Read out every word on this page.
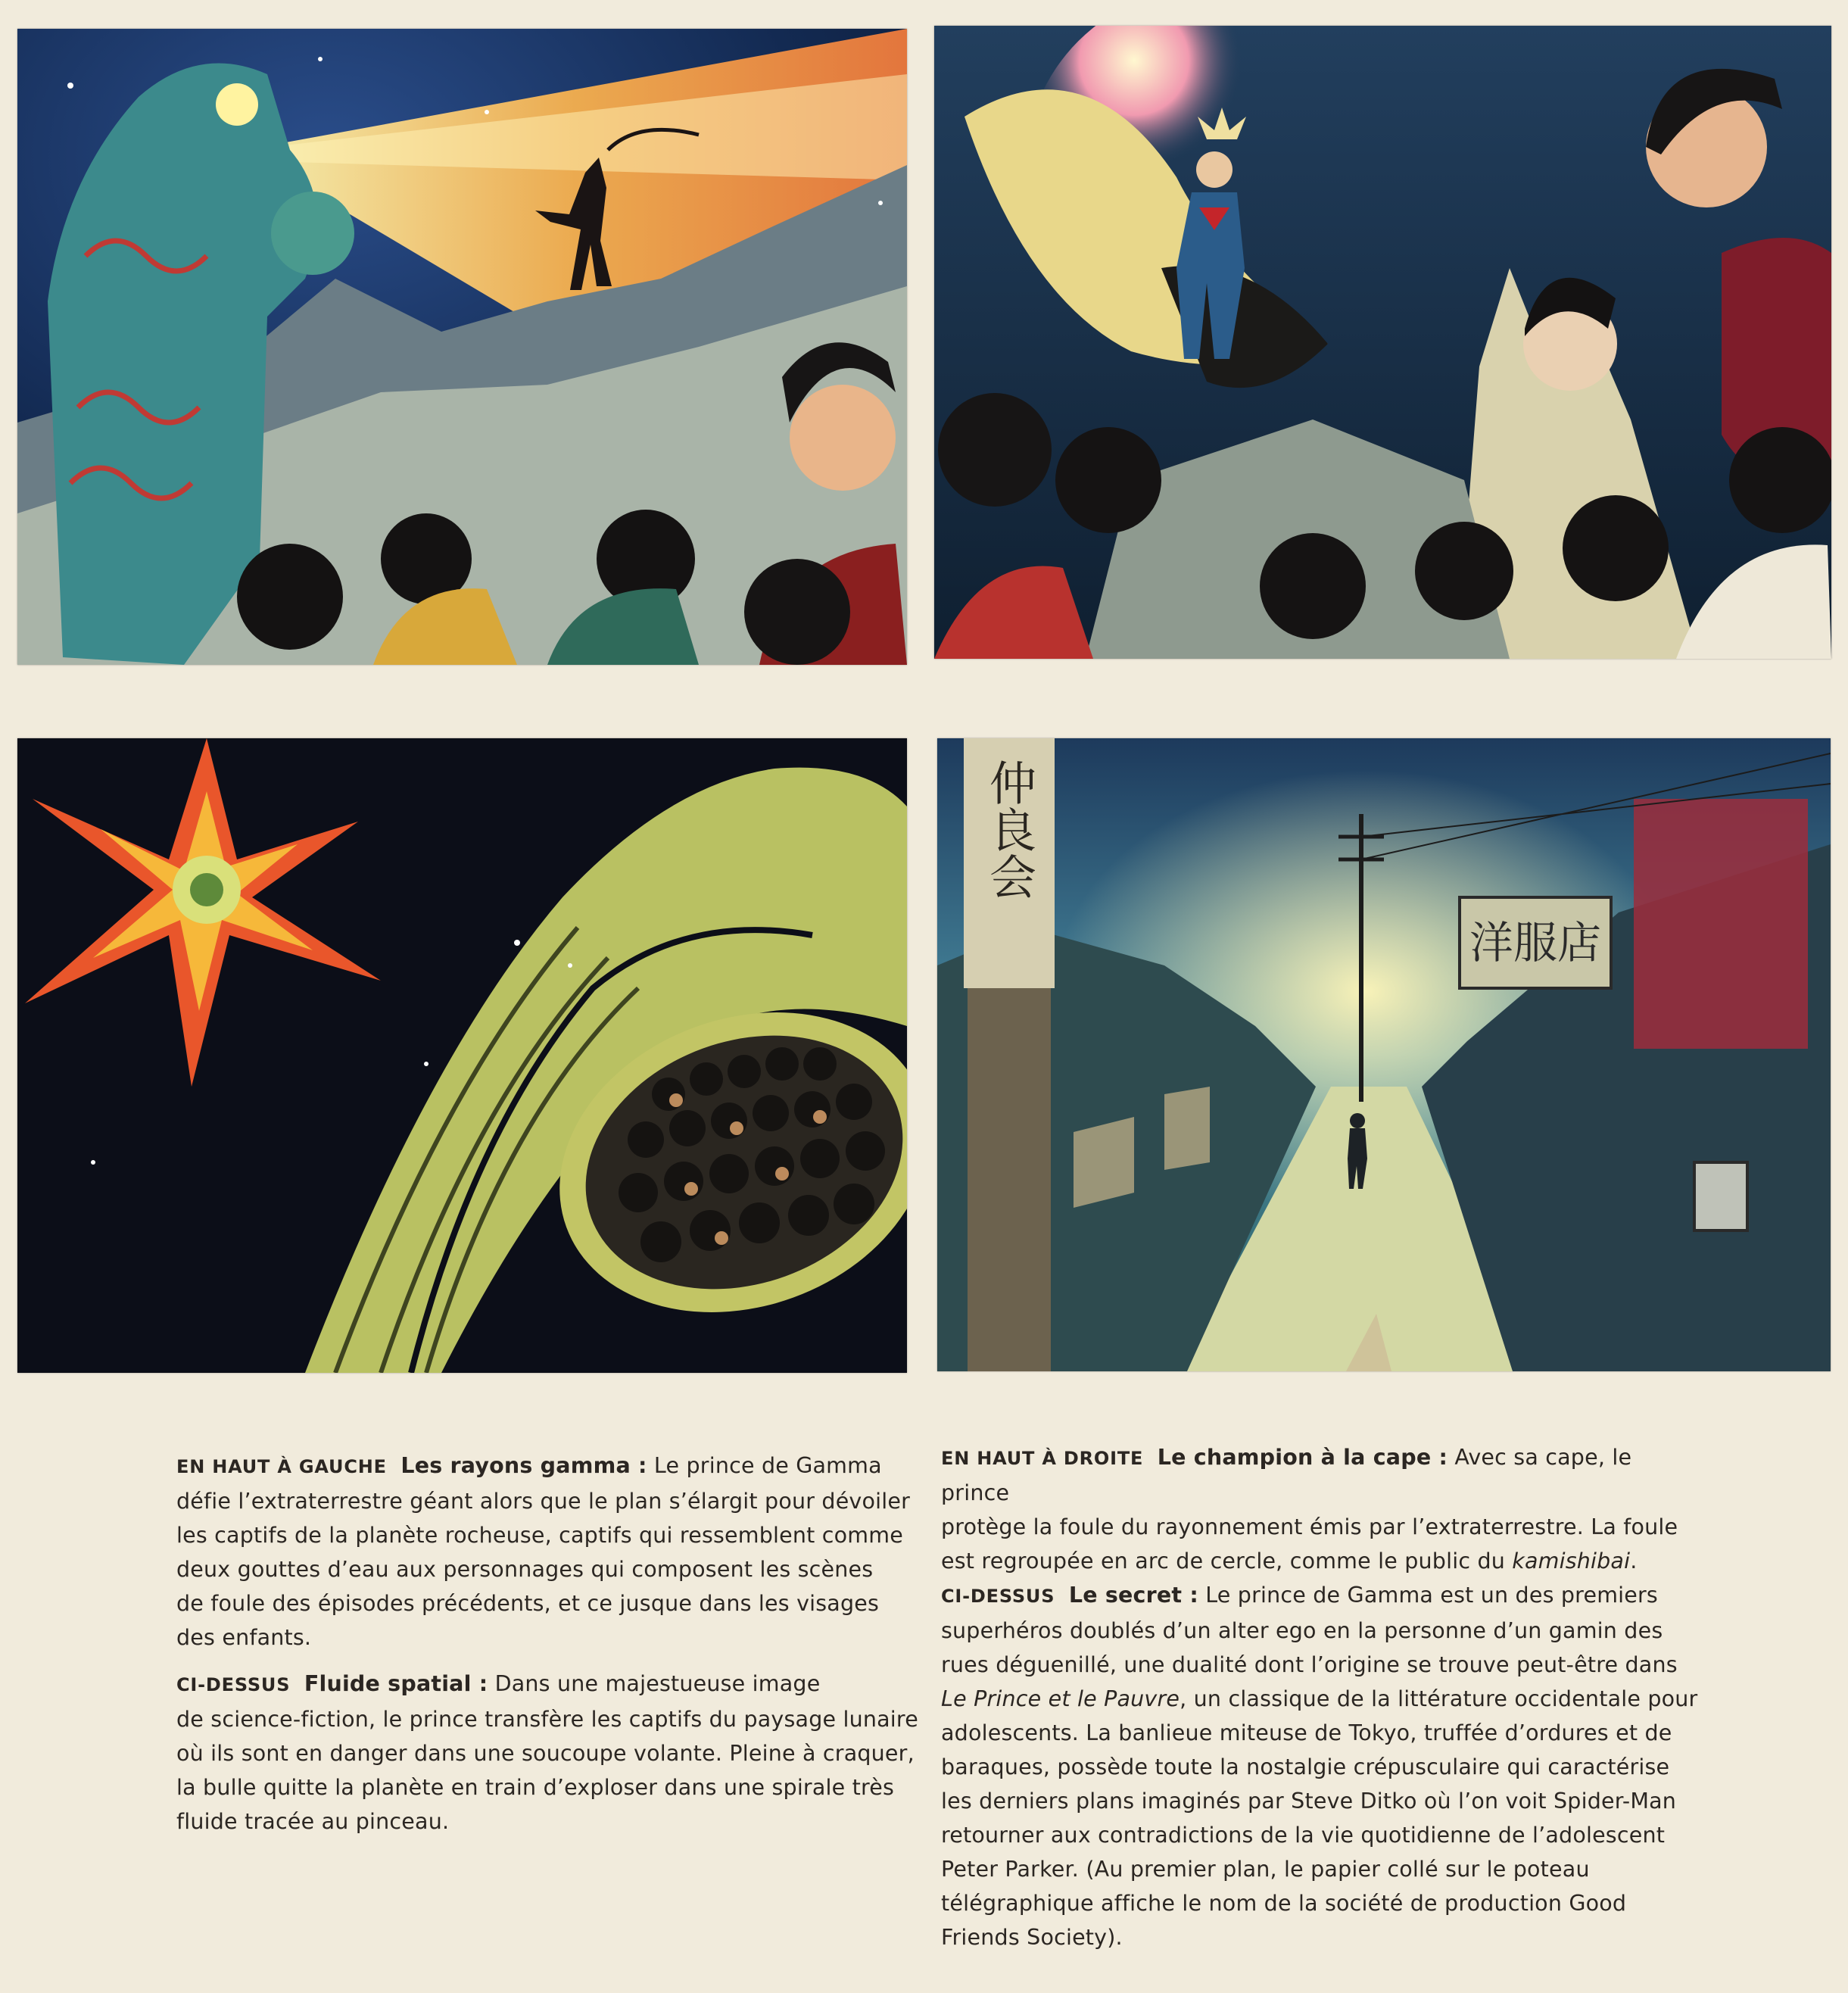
洋服店
仲良会

EN HAUT À GAUCHE Les rayons gamma : Le prince de Gamma

défie l’extraterrestre géant alors que le plan s’élargit pour dévoiler

les captifs de la planète rocheuse, captifs qui ressemblent comme

deux gouttes d’eau aux personnages qui composent les scènes

de foule des épisodes précédents, et ce jusque dans les visages

des enfants.

CI-DESSUS Fluide spatial : Dans une majestueuse image

de science-fiction, le prince transfère les captifs du paysage lunaire

où ils sont en danger dans une soucoupe volante. Pleine à craquer,

la bulle quitte la planète en train d’exploser dans une spirale très

fluide tracée au pinceau.

EN HAUT À DROITE Le champion à la cape : Avec sa cape, le prince

protège la foule du rayonnement émis par l’extraterrestre. La foule

est regroupée en arc de cercle, comme le public du kamishibai.

CI-DESSUS Le secret : Le prince de Gamma est un des premiers

superhéros doublés d’un alter ego en la personne d’un gamin des

rues déguenillé, une dualité dont l’origine se trouve peut-être dans

Le Prince et le Pauvre, un classique de la littérature occidentale pour

adolescents. La banlieue miteuse de Tokyo, truffée d’ordures et de

baraques, possède toute la nostalgie crépusculaire qui caractérise

les derniers plans imaginés par Steve Ditko où l’on voit Spider-Man

retourner aux contradictions de la vie quotidienne de l’adolescent

Peter Parker. (Au premier plan, le papier collé sur le poteau

télégraphique affiche le nom de la société de production Good

Friends Society).
